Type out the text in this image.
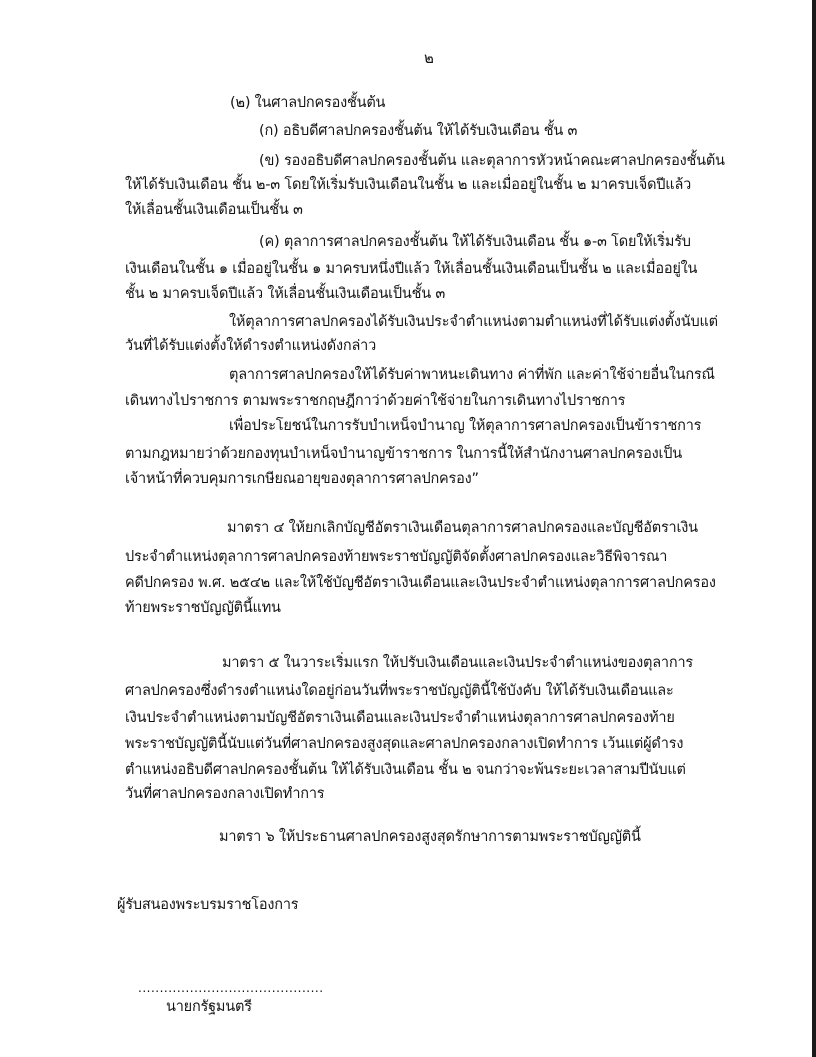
๒
(๒) ในศาลปกครองชั้นต้น
(ก) อธิบดีศาลปกครองชั้นต้น ให้ได้รับเงินเดือน ชั้น ๓
(ข) รองอธิบดีศาลปกครองชั้นต้น และตุลาการหัวหน้าคณะศาลปกครองชั้นต้น
ให้ได้รับเงินเดือน ชั้น ๒-๓ โดยให้เริ่มรับเงินเดือนในชั้น ๒ และเมื่ออยู่ในชั้น ๒ มาครบเจ็ดปีแล้ว
ให้เลื่อนชั้นเงินเดือนเป็นชั้น ๓
(ค) ตุลาการศาลปกครองชั้นต้น ให้ได้รับเงินเดือน ชั้น ๑-๓ โดยให้เริ่มรับ
เงินเดือนในชั้น ๑ เมื่ออยู่ในชั้น ๑ มาครบหนึ่งปีแล้ว ให้เลื่อนชั้นเงินเดือนเป็นชั้น ๒ และเมื่ออยู่ใน
ชั้น ๒ มาครบเจ็ดปีแล้ว ให้เลื่อนชั้นเงินเดือนเป็นชั้น ๓
ให้ตุลาการศาลปกครองได้รับเงินประจำตำแหน่งตามตำแหน่งที่ได้รับแต่งตั้งนับแต่
วันที่ได้รับแต่งตั้งให้ดำรงตำแหน่งดังกล่าว
ตุลาการศาลปกครองให้ได้รับค่าพาหนะเดินทาง ค่าที่พัก และค่าใช้จ่ายอื่นในกรณี
เดินทางไปราชการ ตามพระราชกฤษฎีกาว่าด้วยค่าใช้จ่ายในการเดินทางไปราชการ
เพื่อประโยชน์ในการรับบำเหน็จบำนาญ ให้ตุลาการศาลปกครองเป็นข้าราชการ
ตามกฎหมายว่าด้วยกองทุนบำเหน็จบำนาญข้าราชการ ในการนี้ให้สำนักงานศาลปกครองเป็น
เจ้าหน้าที่ควบคุมการเกษียณอายุของตุลาการศาลปกครอง”
มาตรา ๔ ให้ยกเลิกบัญชีอัตราเงินเดือนตุลาการศาลปกครองและบัญชีอัตราเงิน
ประจำตำแหน่งตุลาการศาลปกครองท้ายพระราชบัญญัติจัดตั้งศาลปกครองและวิธีพิจารณา
คดีปกครอง พ.ศ. ๒๕๔๒ และให้ใช้บัญชีอัตราเงินเดือนและเงินประจำตำแหน่งตุลาการศาลปกครอง
ท้ายพระราชบัญญัตินี้แทน
มาตรา ๕ ในวาระเริ่มแรก ให้ปรับเงินเดือนและเงินประจำตำแหน่งของตุลาการ
ศาลปกครองซึ่งดำรงตำแหน่งใดอยู่ก่อนวันที่พระราชบัญญัตินี้ใช้บังคับ ให้ได้รับเงินเดือนและ
เงินประจำตำแหน่งตามบัญชีอัตราเงินเดือนและเงินประจำตำแหน่งตุลาการศาลปกครองท้าย
พระราชบัญญัตินี้นับแต่วันที่ศาลปกครองสูงสุดและศาลปกครองกลางเปิดทำการ เว้นแต่ผู้ดำรง
ตำแหน่งอธิบดีศาลปกครองชั้นต้น ให้ได้รับเงินเดือน ชั้น ๒ จนกว่าจะพ้นระยะเวลาสามปีนับแต่
วันที่ศาลปกครองกลางเปิดทำการ
มาตรา ๖ ให้ประธานศาลปกครองสูงสุดรักษาการตามพระราชบัญญัตินี้
ผู้รับสนองพระบรมราชโองการ
...........................................
นายกรัฐมนตรี
